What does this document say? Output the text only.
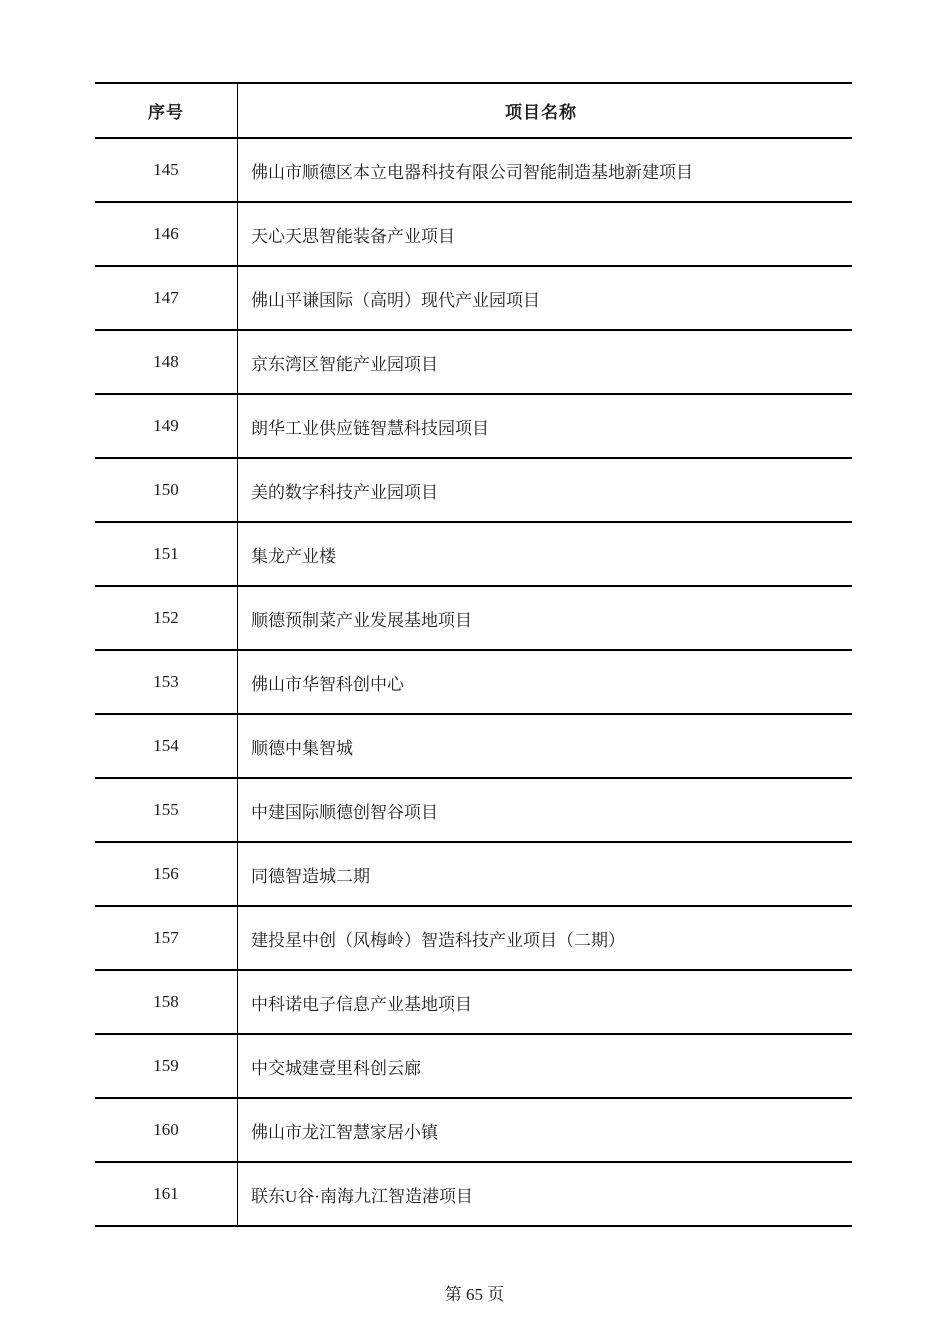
序号	项目名称
145	佛山市顺德区本立电器科技有限公司智能制造基地新建项目
146	天心天思智能装备产业项目
147	佛山平谦国际（高明）现代产业园项目
148	京东湾区智能产业园项目
149	朗华工业供应链智慧科技园项目
150	美的数字科技产业园项目
151	集龙产业楼
152	顺德预制菜产业发展基地项目
153	佛山市华智科创中心
154	顺德中集智城
155	中建国际顺德创智谷项目
156	同德智造城二期
157	建投星中创（风梅岭）智造科技产业项目（二期）
158	中科诺电子信息产业基地项目
159	中交城建壹里科创云廊
160	佛山市龙江智慧家居小镇
161	联东U谷·南海九江智造港项目
第 65 页
